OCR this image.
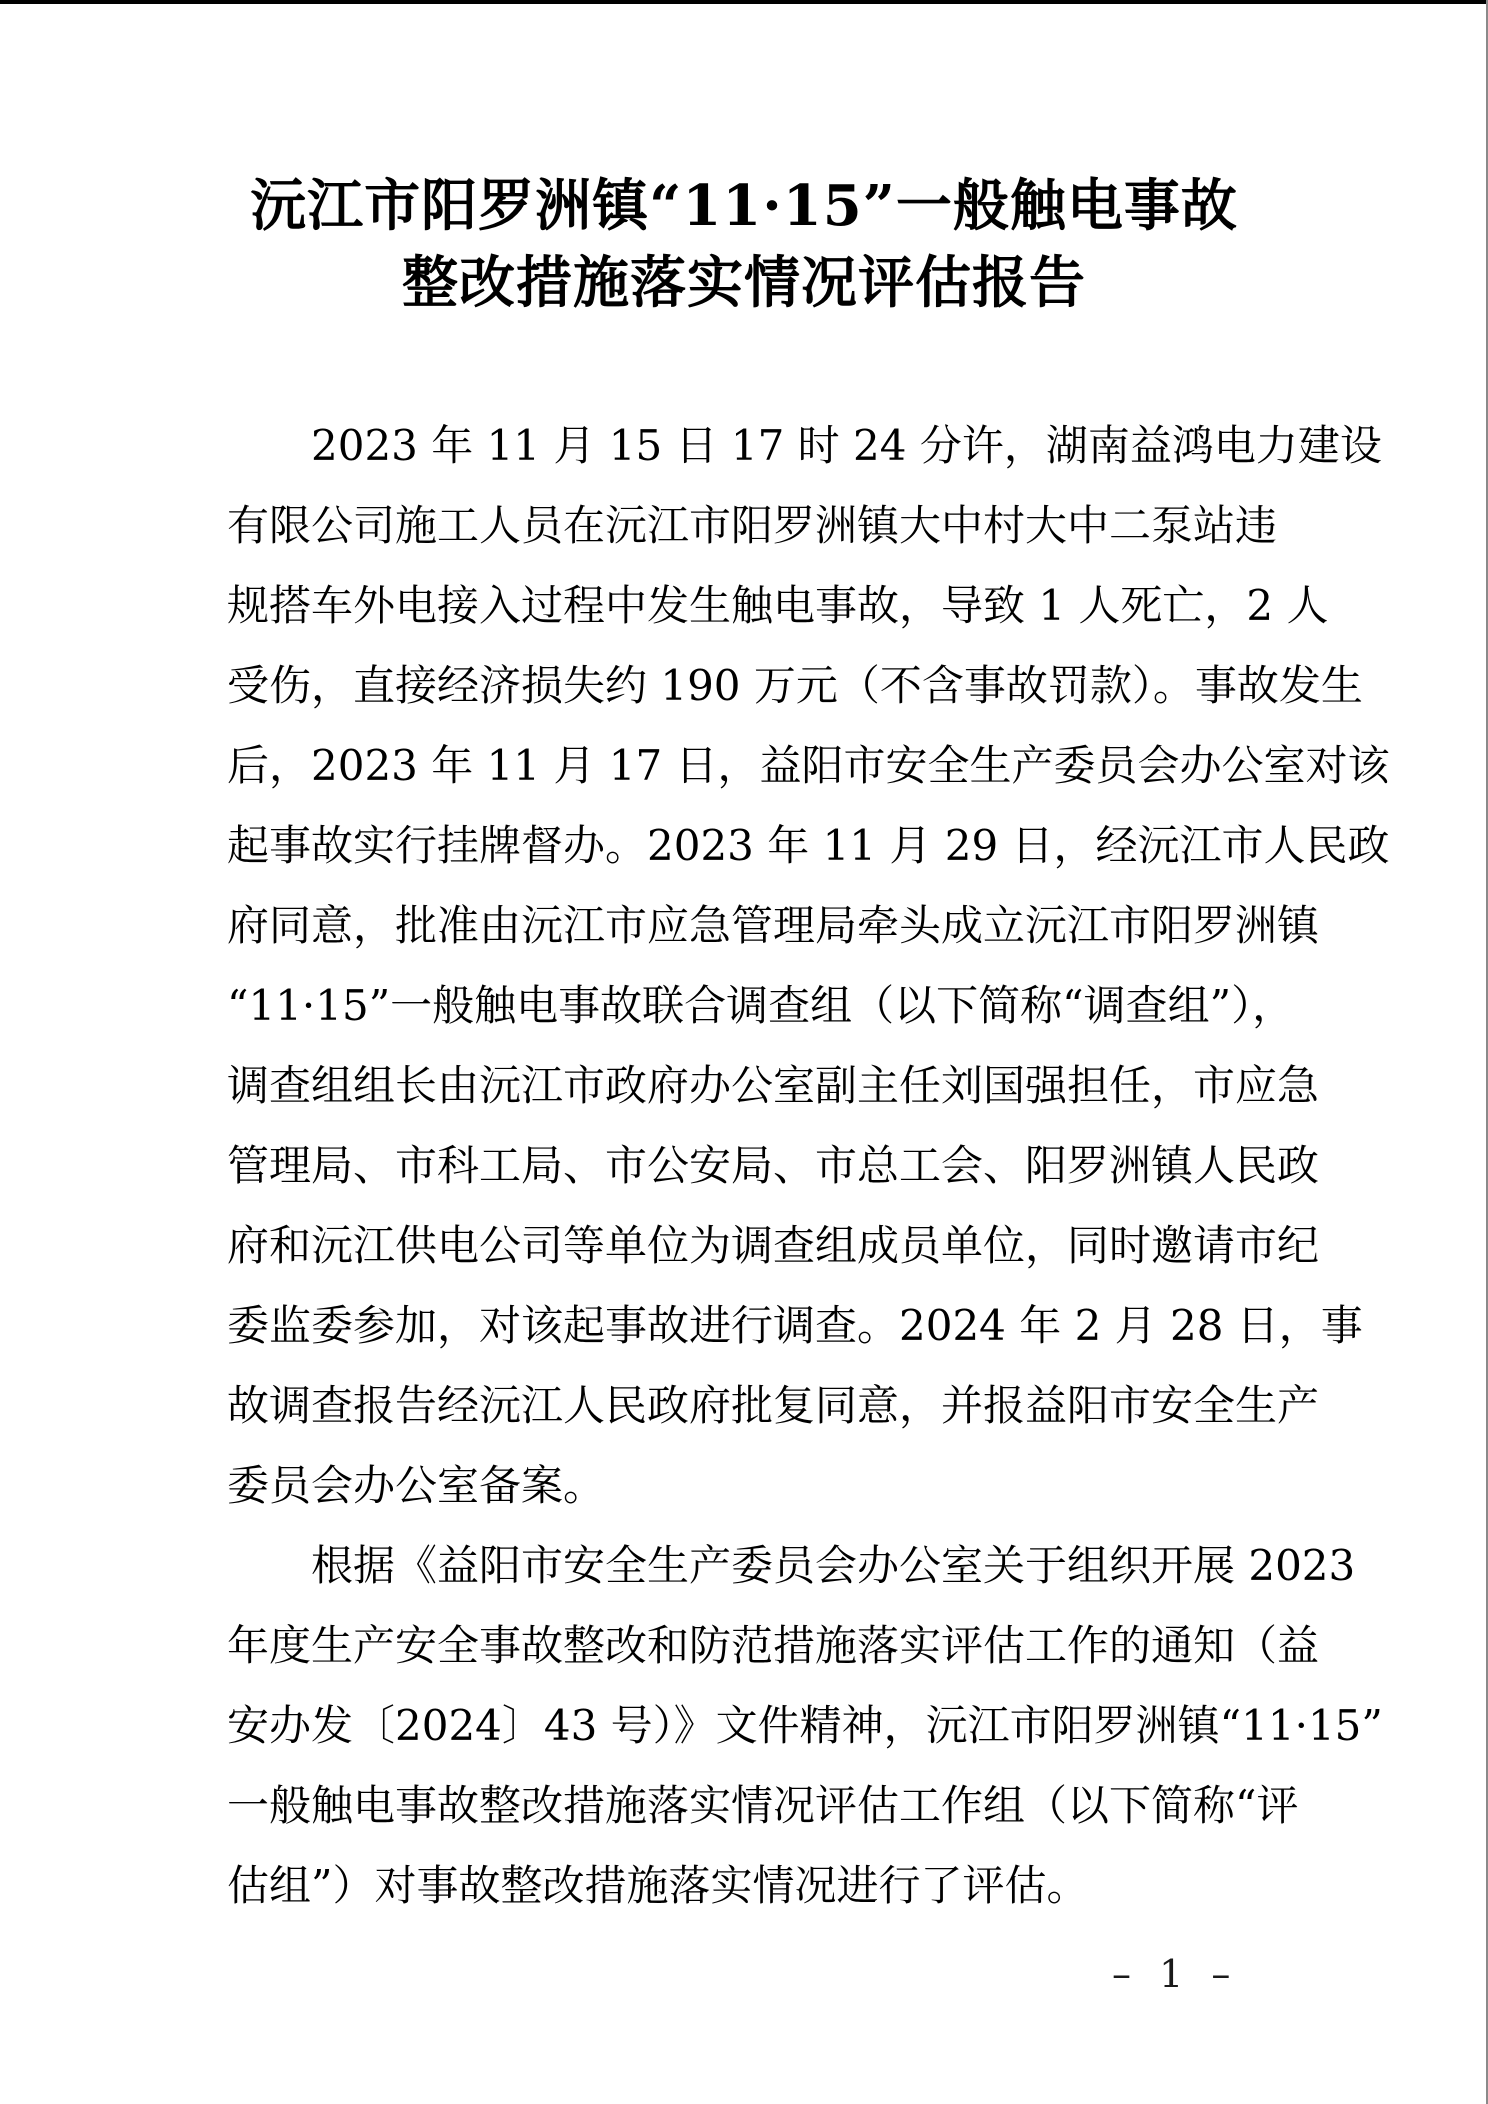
沅江市阳罗洲镇“11·15”一般触电事故
整改措施落实情况评估报告
2023 年 11 月 15 日 17 时 24 分许，湖南益鸿电力建设
有限公司施工人员在沅江市阳罗洲镇大中村大中二泵站违
规搭车外电接入过程中发生触电事故，导致 1 人死亡，2 人
受伤，直接经济损失约 190 万元（不含事故罚款）。事故发生
后，2023 年 11 月 17 日，益阳市安全生产委员会办公室对该
起事故实行挂牌督办。2023 年 11 月 29 日，经沅江市人民政
府同意，批准由沅江市应急管理局牵头成立沅江市阳罗洲镇
“11·15”一般触电事故联合调查组（以下简称“调查组”），
调查组组长由沅江市政府办公室副主任刘国强担任，市应急
管理局、市科工局、市公安局、市总工会、阳罗洲镇人民政
府和沅江供电公司等单位为调查组成员单位，同时邀请市纪
委监委参加，对该起事故进行调查。2024 年 2 月 28 日，事
故调查报告经沅江人民政府批复同意，并报益阳市安全生产
委员会办公室备案。
根据《益阳市安全生产委员会办公室关于组织开展 2023
年度生产安全事故整改和防范措施落实评估工作的通知（益
安办发〔2024〕43 号）》文件精神，沅江市阳罗洲镇“11·15”
一般触电事故整改措施落实情况评估工作组（以下简称“评
估组”）对事故整改措施落实情况进行了评估。
– 1 –
